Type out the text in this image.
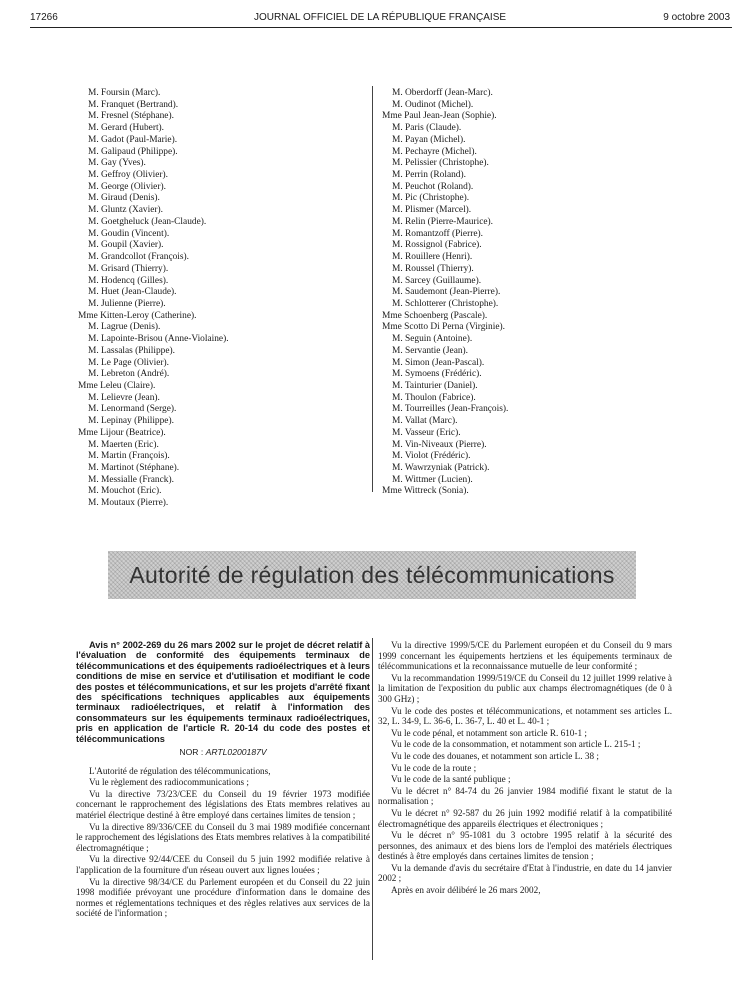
17266	JOURNAL OFFICIEL DE LA RÉPUBLIQUE FRANÇAISE	9 octobre 2003
M. Foursin (Marc).
M. Franquet (Bertrand).
M. Fresnel (Stéphane).
M. Gerard (Hubert).
M. Gadot (Paul-Marie).
M. Galipaud (Philippe).
M. Gay (Yves).
M. Geffroy (Olivier).
M. George (Olivier).
M. Giraud (Denis).
M. Gluntz (Xavier).
M. Goetgheluck (Jean-Claude).
M. Goudin (Vincent).
M. Goupil (Xavier).
M. Grandcollot (François).
M. Grisard (Thierry).
M. Hodencq (Gilles).
M. Huet (Jean-Claude).
M. Julienne (Pierre).
Mme Kitten-Leroy (Catherine).
M. Lagrue (Denis).
M. Lapointe-Brisou (Anne-Violaine).
M. Lassalas (Philippe).
M. Le Page (Olivier).
M. Lebreton (André).
Mme Leleu (Claire).
M. Lelievre (Jean).
M. Lenormand (Serge).
M. Lepinay (Philippe).
Mme Lijour (Beatrice).
M. Maerten (Eric).
M. Martin (François).
M. Martinot (Stéphane).
M. Messialle (Franck).
M. Mouchot (Eric).
M. Moutaux (Pierre).
M. Oberdorff (Jean-Marc).
M. Oudinot (Michel).
Mme Paul Jean-Jean (Sophie).
M. Paris (Claude).
M. Payan (Michel).
M. Pechayre (Michel).
M. Pelissier (Christophe).
M. Perrin (Roland).
M. Peuchot (Roland).
M. Pic (Christophe).
M. Plismer (Marcel).
M. Relin (Pierre-Maurice).
M. Romantzoff (Pierre).
M. Rossignol (Fabrice).
M. Rouillere (Henri).
M. Roussel (Thierry).
M. Sarcey (Guillaume).
M. Saudemont (Jean-Pierre).
M. Schlotterer (Christophe).
Mme Schoenberg (Pascale).
Mme Scotto Di Perna (Virginie).
M. Seguin (Antoine).
M. Servantie (Jean).
M. Simon (Jean-Pascal).
M. Symoens (Frédéric).
M. Tainturier (Daniel).
M. Thoulon (Fabrice).
M. Tourreilles (Jean-François).
M. Vallat (Marc).
M. Vasseur (Eric).
M. Vin-Niveaux (Pierre).
M. Violot (Frédéric).
M. Wawrzyniak (Patrick).
M. Wittmer (Lucien).
Mme Wittreck (Sonia).
Autorité de régulation des télécommunications

Avis n° 2002-269 du 26 mars 2002 sur le projet de décret relatif à l'évaluation de conformité des équipements terminaux de télécommunications et des équipements radioélectriques et à leurs conditions de mise en service et d'utilisation et modifiant le code des postes et télécommunications, et sur les projets d'arrêté fixant des spécifications techniques applicables aux équipements terminaux radioélectriques, et relatif à l'information des consommateurs sur les équipements terminaux radioélectriques, pris en application de l'article R. 20-14 du code des postes et télécommunications

NOR : ARTL0200187V

L'Autorité de régulation des télécommunications,

Vu le règlement des radiocommunications ;

Vu la directive 73/23/CEE du Conseil du 19 février 1973 modifiée concernant le rapprochement des législations des Etats membres relatives au matériel électrique destiné à être employé dans certaines limites de tension ;

Vu la directive 89/336/CEE du Conseil du 3 mai 1989 modifiée concernant le rapprochement des législations des Etats membres relatives à la compatibilité électromagnétique ;

Vu la directive 92/44/CEE du Conseil du 5 juin 1992 modifiée relative à l'application de la fourniture d'un réseau ouvert aux lignes louées ;

Vu la directive 98/34/CE du Parlement européen et du Conseil du 22 juin 1998 modifiée prévoyant une procédure d'information dans le domaine des normes et réglementations techniques et des règles relatives aux services de la société de l'information ;

Vu la directive 1999/5/CE du Parlement européen et du Conseil du 9 mars 1999 concernant les équipements hertziens et les équipements terminaux de télécommunications et la reconnaissance mutuelle de leur conformité ;

Vu la recommandation 1999/519/CE du Conseil du 12 juillet 1999 relative à la limitation de l'exposition du public aux champs électromagnétiques (de 0 à 300 GHz) ;

Vu le code des postes et télécommunications, et notamment ses articles L. 32, L. 34-9, L. 36-6, L. 36-7, L. 40 et L. 40-1 ;

Vu le code pénal, et notamment son article R. 610-1 ;

Vu le code de la consommation, et notamment son article L. 215-1 ;

Vu le code des douanes, et notamment son article L. 38 ;

Vu le code de la route ;

Vu le code de la santé publique ;

Vu le décret n° 84-74 du 26 janvier 1984 modifié fixant le statut de la normalisation ;

Vu le décret n° 92-587 du 26 juin 1992 modifié relatif à la compatibilité électromagnétique des appareils électriques et électroniques ;

Vu le décret n° 95-1081 du 3 octobre 1995 relatif à la sécurité des personnes, des animaux et des biens lors de l'emploi des matériels électriques destinés à être employés dans certaines limites de tension ;

Vu la demande d'avis du secrétaire d'Etat à l'industrie, en date du 14 janvier 2002 ;

Après en avoir délibéré le 26 mars 2002,
